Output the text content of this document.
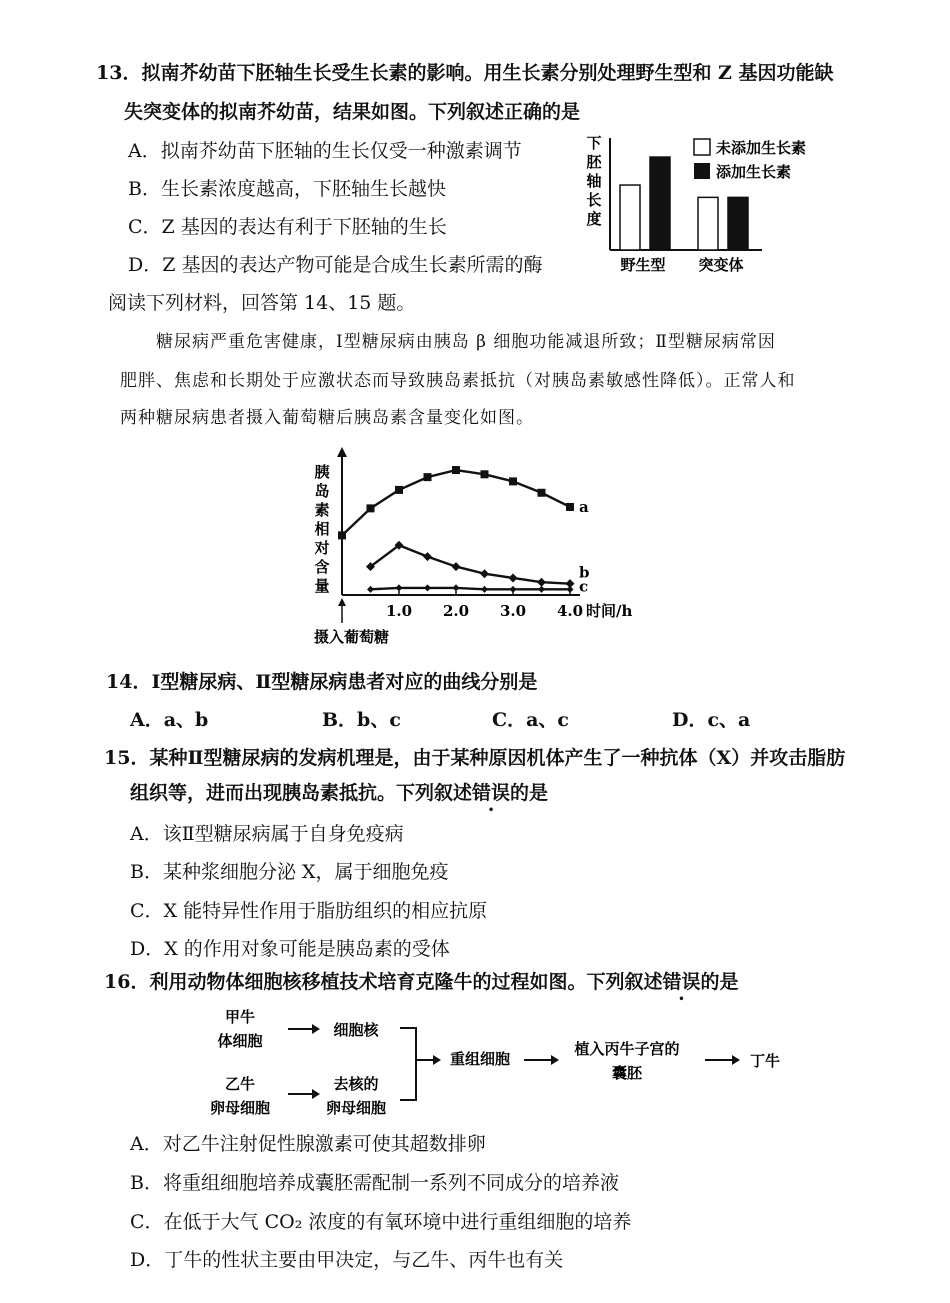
13．拟南芥幼苗下胚轴生长受生长素的影响。用生长素分别处理野生型和 Z 基因功能缺
失突变体的拟南芥幼苗，结果如图。下列叙述正确的是
A．拟南芥幼苗下胚轴的生长仅受一种激素调节
B．生长素浓度越高，下胚轴生长越快
C．Z 基因的表达有利于下胚轴的生长
D．Z 基因的表达产物可能是合成生长素所需的酶
下
胚
轴
长
度
野生型 突变体
未添加生长素
添加生长素
阅读下列材料，回答第 14、15 题。
糖尿病严重危害健康，Ⅰ型糖尿病由胰岛 β 细胞功能减退所致；Ⅱ型糖尿病常因
肥胖、焦虑和长期处于应激状态而导致胰岛素抵抗（对胰岛素敏感性降低）。正常人和
两种糖尿病患者摄入葡萄糖后胰岛素含量变化如图。
胰
岛
素
相
对
含
量
1.0 2.0 3.0 4.0
a
b
c
时间/h
摄入葡萄糖
14．Ⅰ型糖尿病、Ⅱ型糖尿病患者对应的曲线分别是
A．a、b	B．b、c	C．a、c	D．c、a
15．某种Ⅱ型糖尿病的发病机理是，由于某种原因机体产生了一种抗体（X）并攻击脂肪
组织等，进而出现胰岛素抵抗。下列叙述错误的是
A．该Ⅱ型糖尿病属于自身免疫病
B．某种浆细胞分泌 X，属于细胞免疫
C．X 能特异性作用于脂肪组织的相应抗原
D．X 的作用对象可能是胰岛素的受体
16．利用动物体细胞核移植技术培育克隆牛的过程如图。下列叙述错误的是
甲牛
体细胞
细胞核
乙牛
卵母细胞
去核的
卵母细胞
重组细胞
植入丙牛子宫的
囊胚
丁牛
A．对乙牛注射促性腺激素可使其超数排卵
B．将重组细胞培养成囊胚需配制一系列不同成分的培养液
C．在低于大气 CO₂ 浓度的有氧环境中进行重组细胞的培养
D．丁牛的性状主要由甲决定，与乙牛、丙牛也有关
